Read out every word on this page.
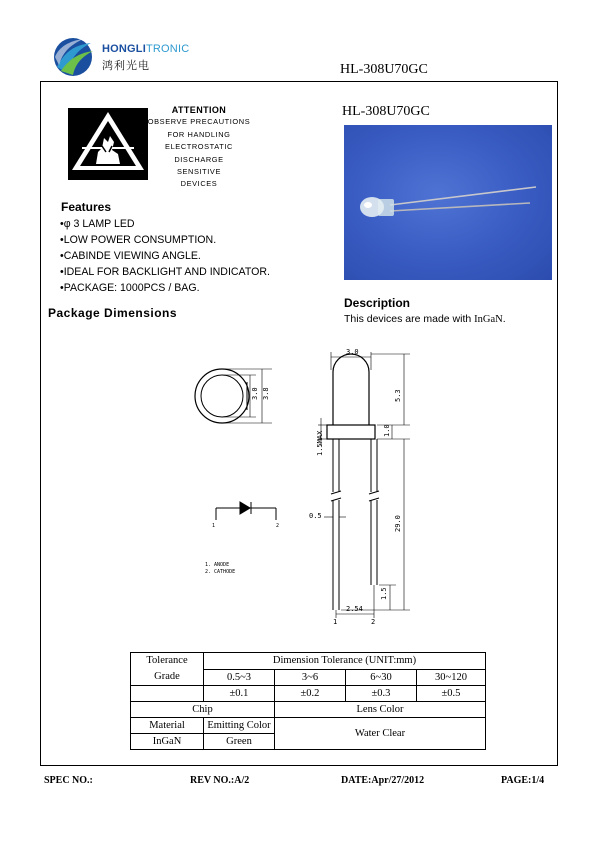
HONGLITRONIC
鸿利光电	HL-308U70GC
ATTENTION
OBSERVE PRECAUTIONS
FOR HANDLING
ELECTROSTATIC
DISCHARGE
SENSITIVE
DEVICES
HL-308U70GC
Features
•φ 3 LAMP LED
•LOW POWER CONSUMPTION.
•CABINDE VIEWING ANGLE.
•IDEAL FOR BACKLIGHT AND INDICATOR.
•PACKAGE: 1000PCS / BAG.
Description
This devices are made with InGaN.
Package Dimensions
3.0
3.8
3.0	5.3
1.5MAX
1.0
0.5	29.0
1.5
2.54
1	2
1	2
1. ANODE
2. CATHODE
Tolerance
Grade	Dimension Tolerance (UNIT:mm)			
	0.5~3	3~6	6~30	30~120
	±0.1	±0.2	±0.3	±0.5
Chip		Lens Color		
Material	Emitting Color	Water Clear		
InGaN	Green			
SPEC NO.:	REV NO.:A/2	DATE:Apr/27/2012	PAGE:1/4
